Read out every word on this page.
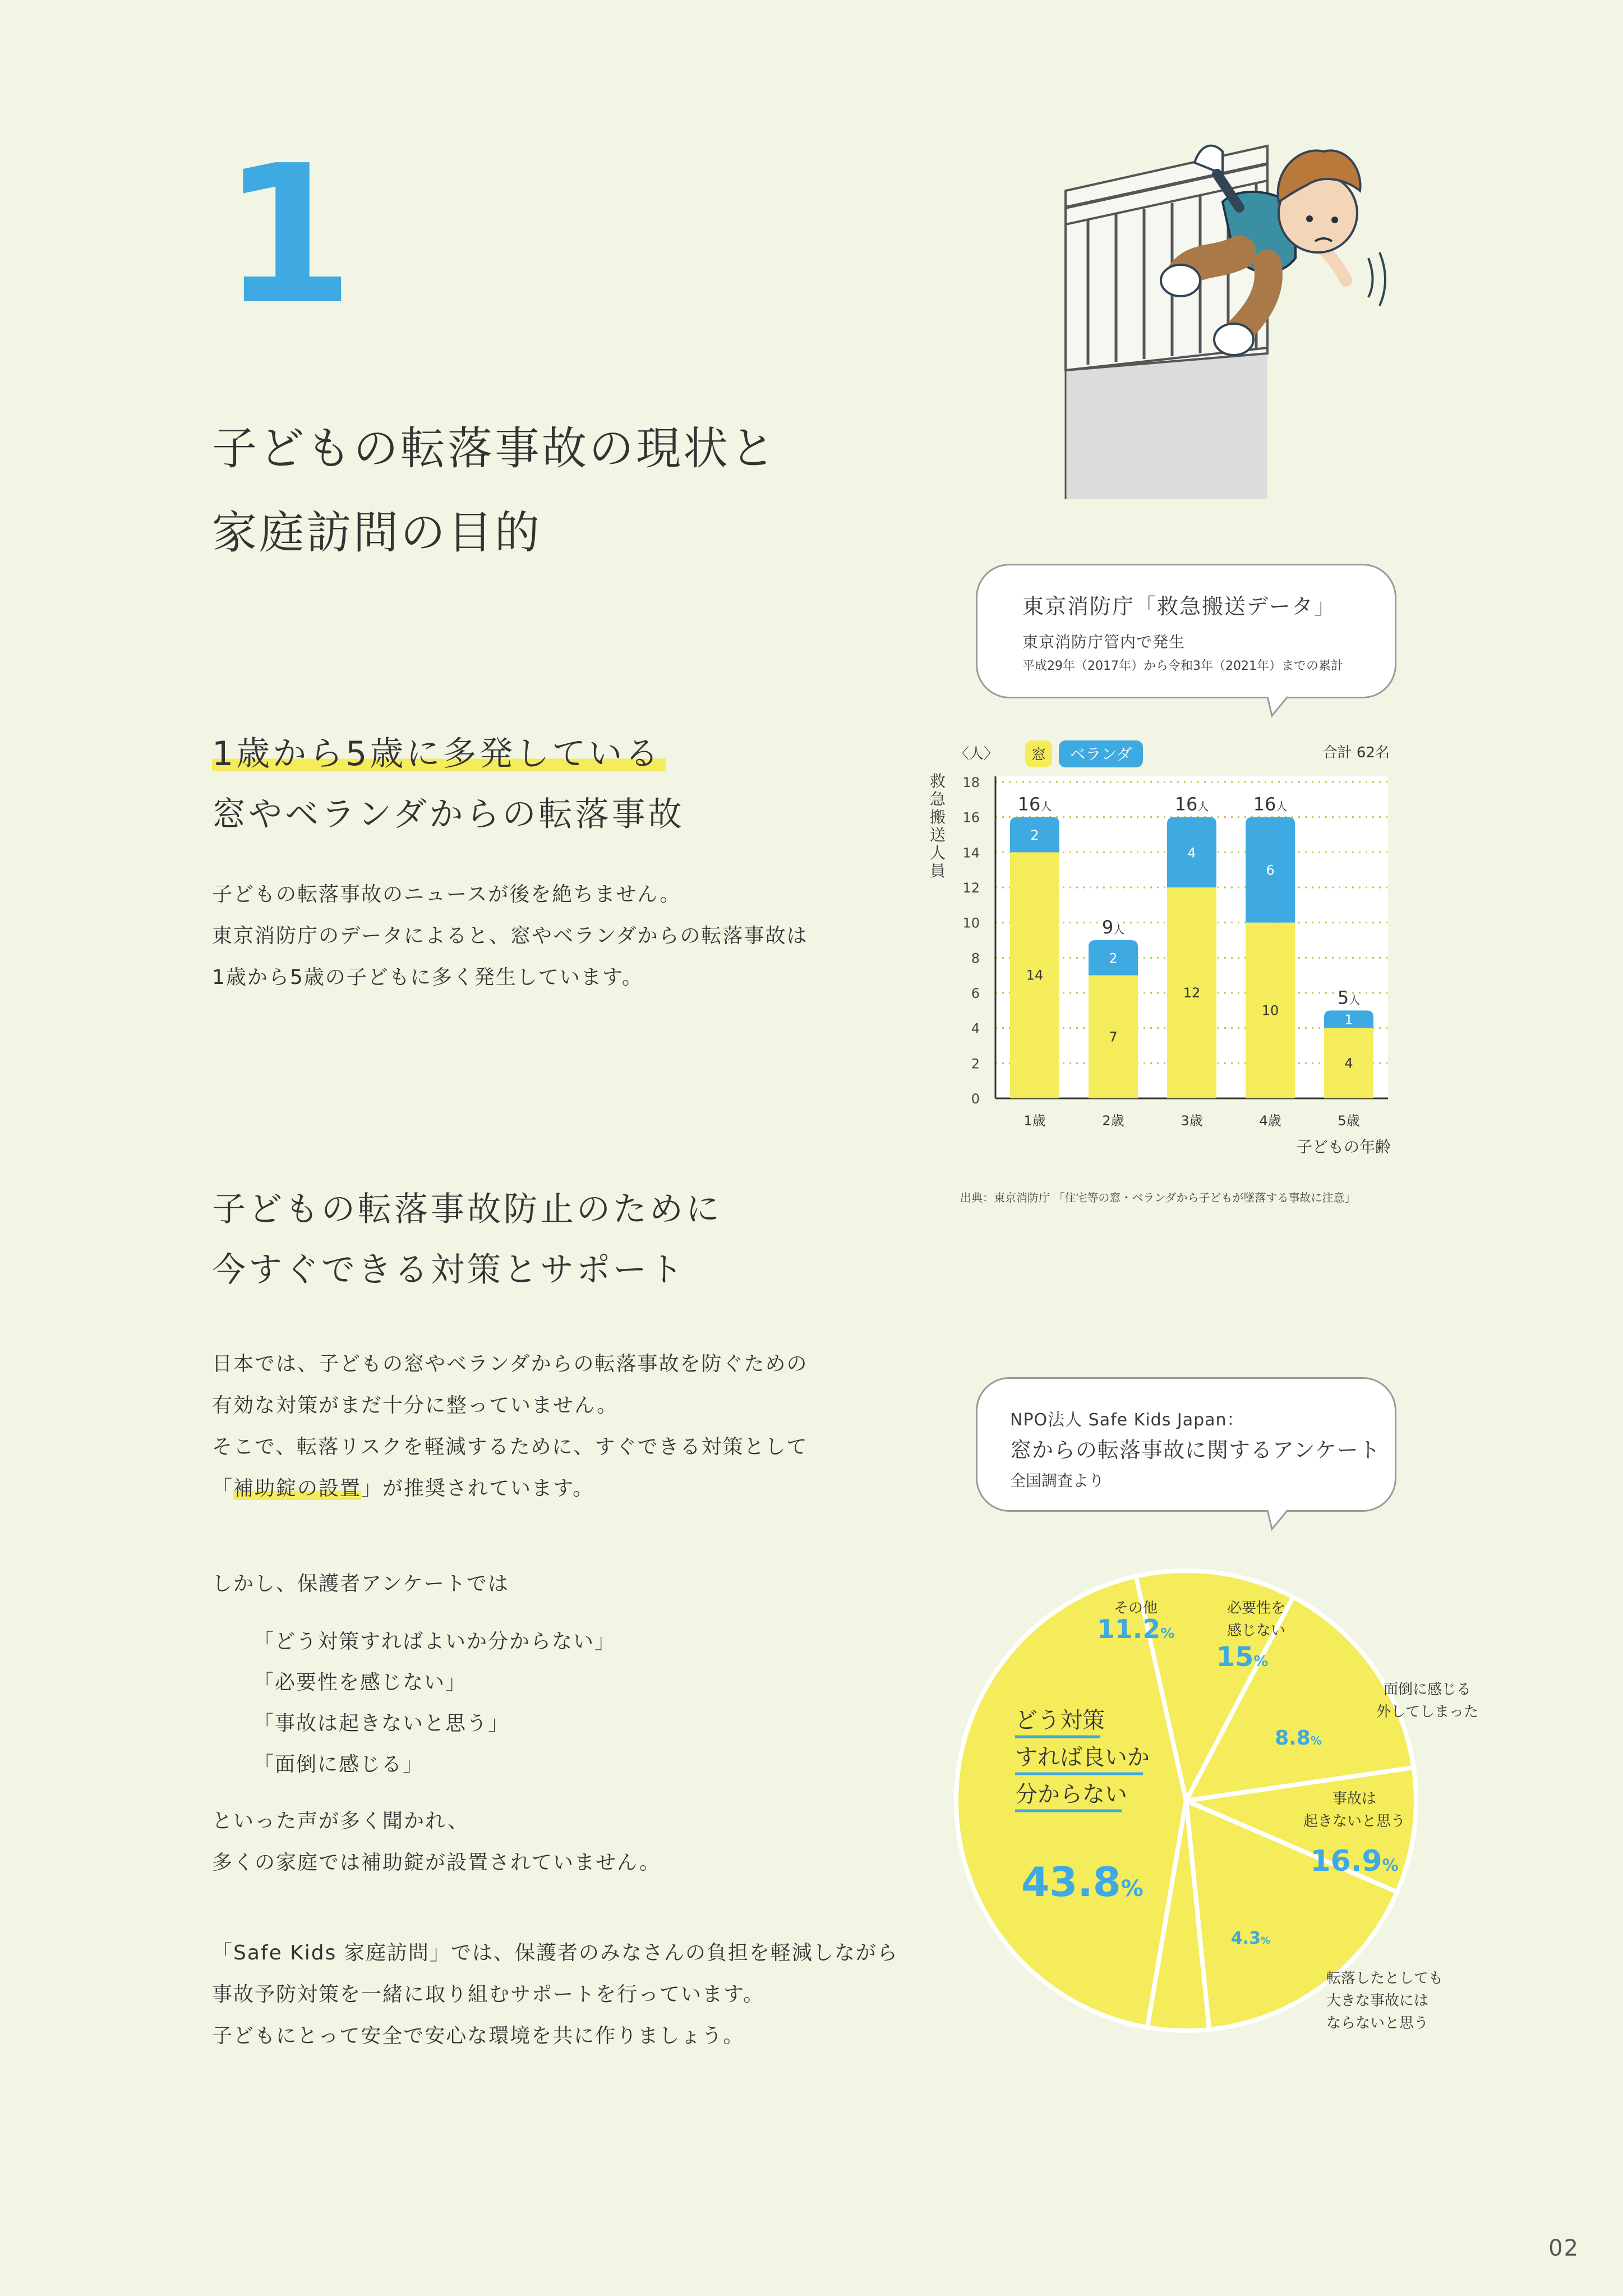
1
子どもの転落事故の現状と
家庭訪問の目的
1歳から5歳に多発している
窓やベランダからの転落事故
子どもの転落事故のニュースが後を絶ちません。
東京消防庁のデータによると、窓やベランダからの転落事故は
1歳から5歳の子どもに多く発生しています。
子どもの転落事故防止のために
今すぐできる対策とサポート
日本では、子どもの窓やベランダからの転落事故を防ぐための
有効な対策がまだ十分に整っていません。
そこで、転落リスクを軽減するために、すぐできる対策として
「補助錠の設置」が推奨されています。
しかし、保護者アンケートでは
「どう対策すればよいか分からない」
「必要性を感じない」
「事故は起きないと思う」
「面倒に感じる」
といった声が多く聞かれ、
多くの家庭では補助錠が設置されていません。
「Safe Kids 家庭訪問」では、保護者のみなさんの負担を軽減しながら
事故予防対策を一緒に取り組むサポートを行っています。
子どもにとって安全で安心な環境を共に作りましょう。
東京消防庁「救急搬送データ」
東京消防庁管内で発生
平成29年（2017年）から令和3年（2021年）までの累計
0
2
4
6
8
10
12
14
16
18
14
2
16人
1歳
7
2
9人
2歳
12
4
16人
3歳
10
6
16人
4歳
4
1
5人
5歳
〈人〉
救
急
搬
送
人
員
子どもの年齢
窓 ベランダ	合計 62名
出典：東京消防庁 「住宅等の窓・ベランダから子どもが墜落する事故に注意」
NPO法人 Safe Kids Japan：
窓からの転落事故に関するアンケート
全国調査より
どう対策
すれば良いか
分からない
43.8%
その他
11.2%
必要性を
感じない
15%
面倒に感じる
外してしまった
8.8%
事故は
起きないと思う
16.9%
転落したとしても
大きな事故には
ならないと思う
4.3%
02
